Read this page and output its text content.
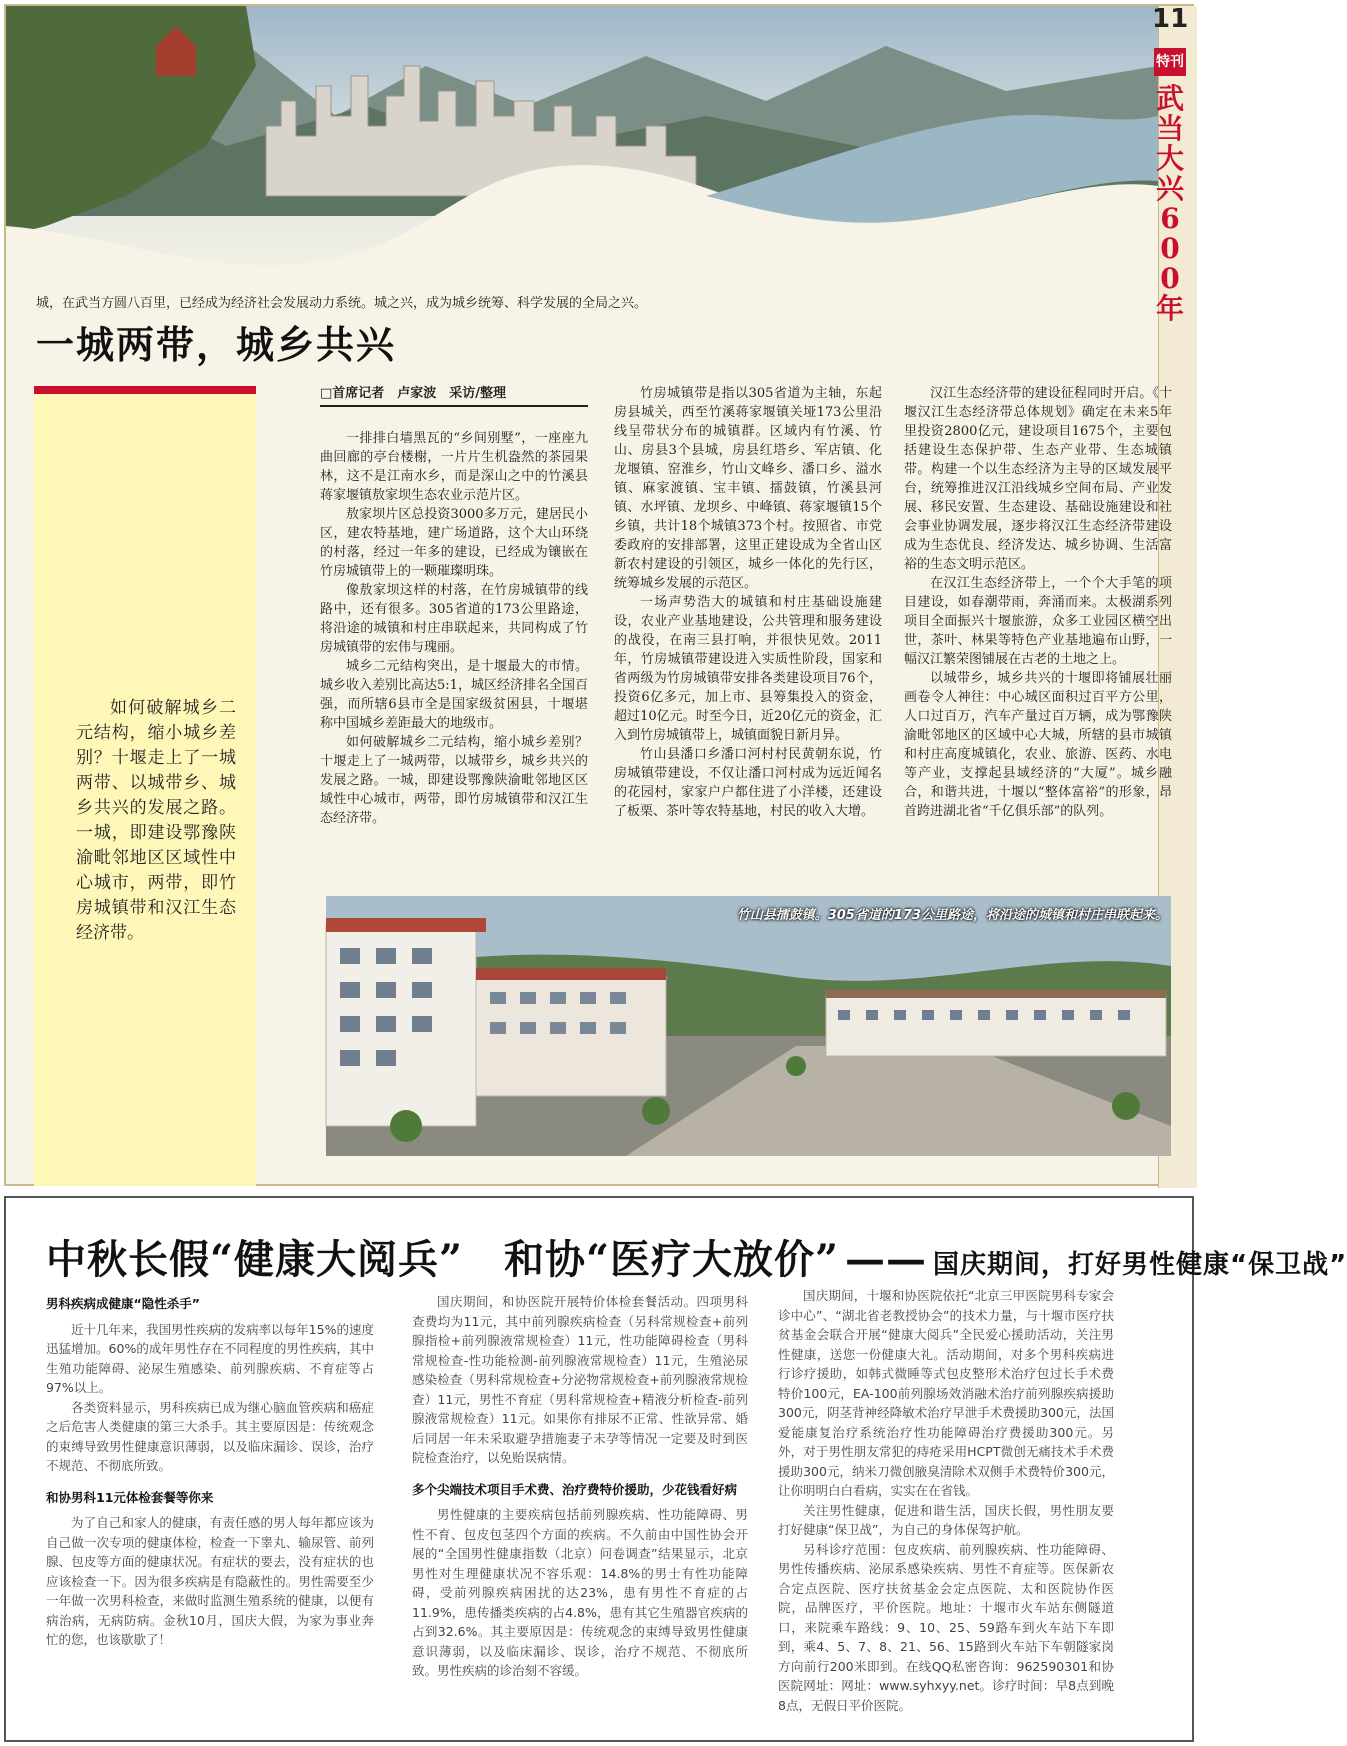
11
特刊
武当大兴600年
城，在武当方圆八百里，已经成为经济社会发展动力系统。城之兴，成为城乡统筹、科学发展的全局之兴。
一城两带，城乡共兴
如何破解城乡二元结构，缩小城乡差别？十堰走上了一城两带、以城带乡、城乡共兴的发展之路。一城，即建设鄂豫陕渝毗邻地区区域性中心城市，两带，即竹房城镇带和汉江生态经济带。
□首席记者　卢家波　采访/整理

一排排白墙黑瓦的“乡间别墅”，一座座九曲回廊的亭台楼榭，一片片生机盎然的茶园果林，这不是江南水乡，而是深山之中的竹溪县蒋家堰镇敖家坝生态农业示范片区。

敖家坝片区总投资3000多万元，建居民小区，建农特基地，建广场道路，这个大山环绕的村落，经过一年多的建设，已经成为镶嵌在竹房城镇带上的一颗璀璨明珠。

像敖家坝这样的村落，在竹房城镇带的线路中，还有很多。305省道的173公里路途，将沿途的城镇和村庄串联起来，共同构成了竹房城镇带的宏伟与瑰丽。

城乡二元结构突出，是十堰最大的市情。城乡收入差别比高达5:1，城区经济排名全国百强，而所辖6县市全是国家级贫困县，十堰堪称中国城乡差距最大的地级市。

如何破解城乡二元结构，缩小城乡差别？十堰走上了一城两带，以城带乡，城乡共兴的发展之路。一城，即建设鄂豫陕渝毗邻地区区域性中心城市，两带，即竹房城镇带和汉江生态经济带。

竹房城镇带是指以305省道为主轴，东起房县城关，西至竹溪蒋家堰镇关垭173公里沿线呈带状分布的城镇群。区域内有竹溪、竹山、房县3个县城，房县红塔乡、军店镇、化龙堰镇、窑淮乡，竹山文峰乡、潘口乡、溢水镇、麻家渡镇、宝丰镇、擂鼓镇，竹溪县河镇、水坪镇、龙坝乡、中峰镇、蒋家堰镇15个乡镇，共计18个城镇373个村。按照省、市党委政府的安排部署，这里正建设成为全省山区新农村建设的引领区，城乡一体化的先行区，统筹城乡发展的示范区。

一场声势浩大的城镇和村庄基础设施建设，农业产业基地建设，公共管理和服务建设的战役，在南三县打响，并很快见效。2011年，竹房城镇带建设进入实质性阶段，国家和省两级为竹房城镇带安排各类建设项目76个，投资6亿多元，加上市、县筹集投入的资金，超过10亿元。时至今日，近20亿元的资金，汇入到竹房城镇带上，城镇面貌日新月异。

竹山县潘口乡潘口河村村民黄朝东说，竹房城镇带建设，不仅让潘口河村成为远近闻名的花园村，家家户户都住进了小洋楼，还建设了板栗、茶叶等农特基地，村民的收入大增。

汉江生态经济带的建设征程同时开启。《十堰汉江生态经济带总体规划》确定在未来5年里投资2800亿元，建设项目1675个，主要包括建设生态保护带、生态产业带、生态城镇带。构建一个以生态经济为主导的区域发展平台，统筹推进汉江沿线城乡空间布局、产业发展、移民安置、生态建设、基础设施建设和社会事业协调发展，逐步将汉江生态经济带建设成为生态优良、经济发达、城乡协调、生活富裕的生态文明示范区。

在汉江生态经济带上，一个个大手笔的项目建设，如春潮带雨，奔涌而来。太极湖系列项目全面振兴十堰旅游，众多工业园区横空出世，茶叶、林果等特色产业基地遍布山野，一幅汉江繁荣图铺展在古老的土地之上。

以城带乡，城乡共兴的十堰即将铺展壮丽画卷令人神往：中心城区面积过百平方公里，人口过百万，汽车产量过百万辆，成为鄂豫陕渝毗邻地区的区域中心大城，所辖的县市城镇和村庄高度城镇化，农业、旅游、医药、水电等产业，支撑起县域经济的“大厦”。城乡融合，和谐共进，十堰以“整体富裕”的形象，昂首跨进湖北省“千亿俱乐部”的队列。

竹山县擂鼓镇。305省道的173公里路途，将沿途的城镇和村庄串联起来。
中秋长假“健康大阅兵”　和协“医疗大放价” —— 国庆期间，打好男性健康“保卫战”
男科疾病成健康“隐性杀手”

近十几年来，我国男性疾病的发病率以每年15%的速度迅猛增加。60%的成年男性存在不同程度的男性疾病，其中生殖功能障碍、泌尿生殖感染、前列腺疾病、不育症等占97%以上。

各类资料显示，男科疾病已成为继心脑血管疾病和癌症之后危害人类健康的第三大杀手。其主要原因是：传统观念的束缚导致男性健康意识薄弱，以及临床漏诊、误诊，治疗不规范、不彻底所致。

和协男科11元体检套餐等你来

为了自己和家人的健康，有责任感的男人每年都应该为自己做一次专项的健康体检，检查一下睾丸、输尿管、前列腺、包皮等方面的健康状况。有症状的要去，没有症状的也应该检查一下。因为很多疾病是有隐蔽性的。男性需要至少一年做一次男科检查，来做时监测生殖系统的健康，以便有病治病，无病防病。金秋10月，国庆大假，为家为事业奔忙的您，也该歇歇了！

国庆期间，和协医院开展特价体检套餐活动。四项男科查费均为11元，其中前列腺疾病检查（另科常规检查+前列腺指检+前列腺液常规检查）11元，性功能障碍检查（男科常规检查-性功能检测-前列腺液常规检查）11元，生殖泌尿感染检查（男科常规检查+分泌物常规检查+前列腺液常规检查）11元，男性不育症（男科常规检查+精液分析检查-前列腺液常规检查）11元。如果你有排尿不正常、性欲异常、婚后同居一年未采取避孕措施妻子未孕等情况一定要及时到医院检查治疗，以免贻误病情。

多个尖端技术项目手术费、治疗费特价援助，少花钱看好病

男性健康的主要疾病包括前列腺疾病、性功能障碍、男性不育、包皮包茎四个方面的疾病。不久前由中国性协会开展的“全国男性健康指数（北京）问卷调查”结果显示，北京男性对生理健康状况不容乐观：14.8%的男士有性功能障碍，受前列腺疾病困扰的达23%，患有男性不育症的占11.9%，患传播类疾病的占4.8%，患有其它生殖器官疾病的占到32.6%。其主要原因是：传统观念的束缚导致男性健康意识薄弱，以及临床漏诊、误诊，治疗不规范、不彻底所致。男性疾病的诊治刻不容缓。

国庆期间，十堰和协医院依托“北京三甲医院男科专家会诊中心”、“湖北省老教授协会”的技术力量，与十堰市医疗扶贫基金会联合开展“健康大阅兵”全民爱心援助活动，关注男性健康，送您一份健康大礼。活动期间，对多个男科疾病进行诊疗援助，如韩式微睡等式包皮整形术治疗包过长手术费特价100元，EA-100前列腺场效消融术治疗前列腺疾病援助300元，阴茎背神经降敏术治疗早泄手术费援助300元，法国爱能康复治疗系统治疗性功能障碍治疗费援助300元。另外，对于男性朋友常犯的痔疮采用HCPT微创无痛技术手术费援助300元，纳米刀微创腋臭清除术双侧手术费特价300元，让你明明白白看病，实实在在省钱。

关注男性健康，促进和谐生活，国庆长假，男性朋友要打好健康“保卫战”，为自己的身体保驾护航。

另科诊疗范围：包皮疾病、前列腺疾病、性功能障碍、男性传播疾病、泌尿系感染疾病、男性不育症等。医保新农合定点医院、医疗扶贫基金会定点医院、太和医院协作医院，品牌医疗，平价医院。地址：十堰市火车站东侧隧道口，来院乘车路线：9、10、25、59路车到火车站下车即到，乘4、5、7、8、21、56、15路到火车站下车朝隧家岗方向前行200米即到。在线QQ私密咨询：962590301和协医院网址：网址：www.syhxyy.net。诊疗时间：早8点到晚8点，无假日平价医院。
